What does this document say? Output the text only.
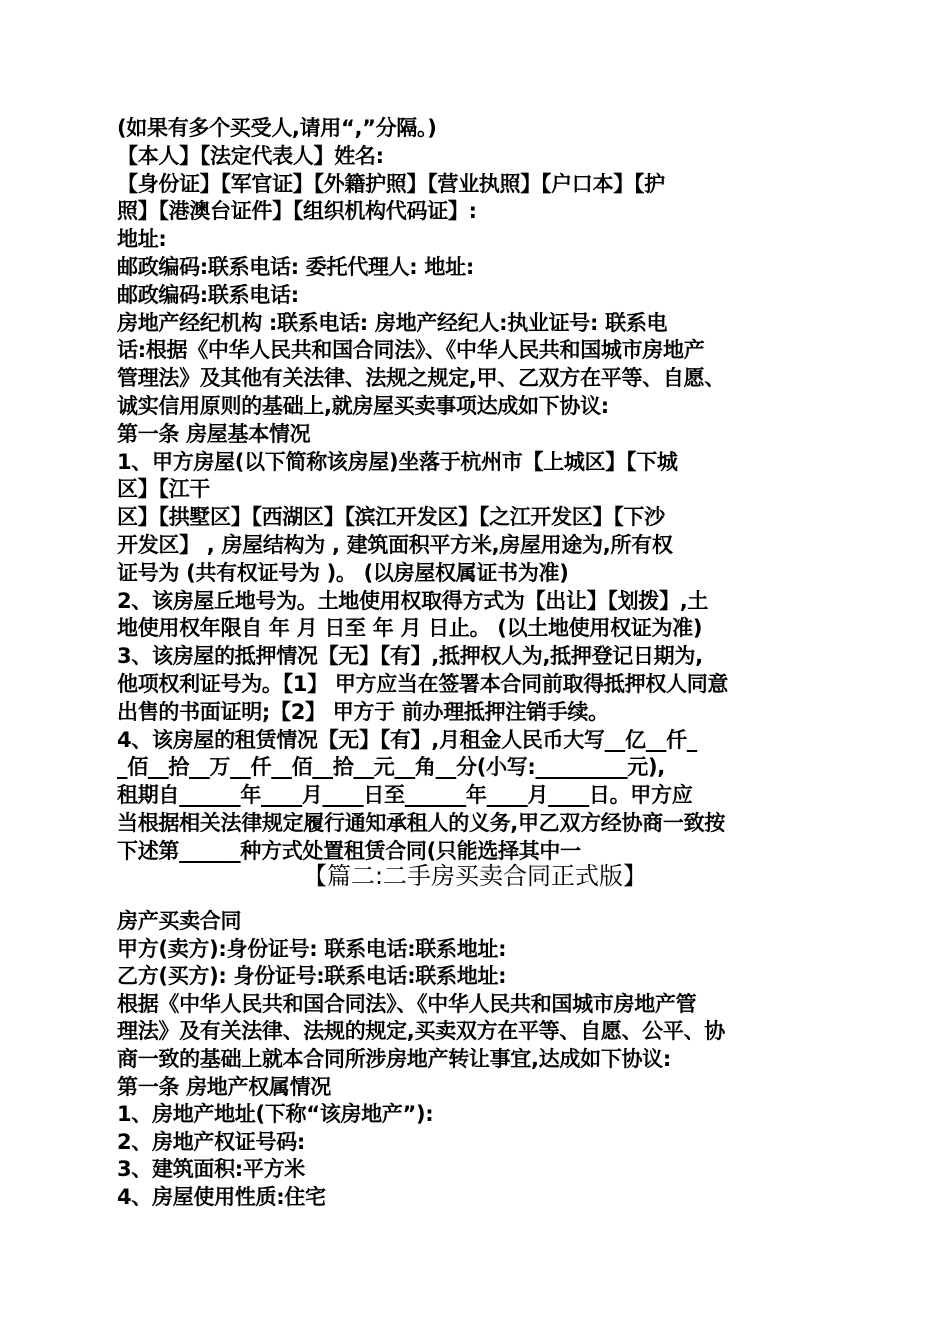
(如果有多个买受人,请用“,”分隔。)
【本人】【法定代表人】姓名:
【身份证】【军官证】【外籍护照】【营业执照】【户口本】【护
照】【港澳台证件】【组织机构代码证】:
地址:
邮政编码:联系电话: 委托代理人: 地址:
邮政编码:联系电话:
房地产经纪机构 :联系电话: 房地产经纪人:执业证号: 联系电
话:根据《中华人民共和国合同法》、《中华人民共和国城市房地产
管理法》及其他有关法律、法规之规定,甲、乙双方在平等、自愿、
诚实信用原则的基础上,就房屋买卖事项达成如下协议:
第一条 房屋基本情况
1、甲方房屋(以下简称该房屋)坐落于杭州市【上城区】【下城
区】【江干
区】【拱墅区】【西湖区】【滨江开发区】【之江开发区】【下沙
开发区】 , 房屋结构为 , 建筑面积平方米,房屋用途为,所有权
证号为 (共有权证号为 )。 (以房屋权属证书为准)
2、该房屋丘地号为。土地使用权取得方式为【出让】【划拨】,土
地使用权年限自 年 月 日至 年 月 日止。 (以土地使用权证为准)
3、该房屋的抵押情况【无】【有】,抵押权人为,抵押登记日期为,
他项权利证号为。【1】 甲方应当在签署本合同前取得抵押权人同意
出售的书面证明;【2】 甲方于 前办理抵押注销手续。
4、该房屋的租赁情况【无】【有】,月租金人民币大写__亿__仟_
_佰__拾__万__仟__佰__拾__元__角__分(小写:_________元),
租期自______年____月____日至______年____月____日。甲方应
当根据相关法律规定履行通知承租人的义务,甲乙双方经协商一致按
下述第______种方式处置租赁合同(只能选择其中一
【篇二:二手房买卖合同正式版】
房产买卖合同
甲方(卖方):身份证号: 联系电话:联系地址:
乙方(买方): 身份证号:联系电话:联系地址:
根据《中华人民共和国合同法》、《中华人民共和国城市房地产管
理法》及有关法律、法规的规定,买卖双方在平等、自愿、公平、协
商一致的基础上就本合同所涉房地产转让事宜,达成如下协议:
第一条 房地产权属情况
1、房地产地址(下称“该房地产”):
2、房地产权证号码:
3、建筑面积:平方米
4、房屋使用性质:住宅
